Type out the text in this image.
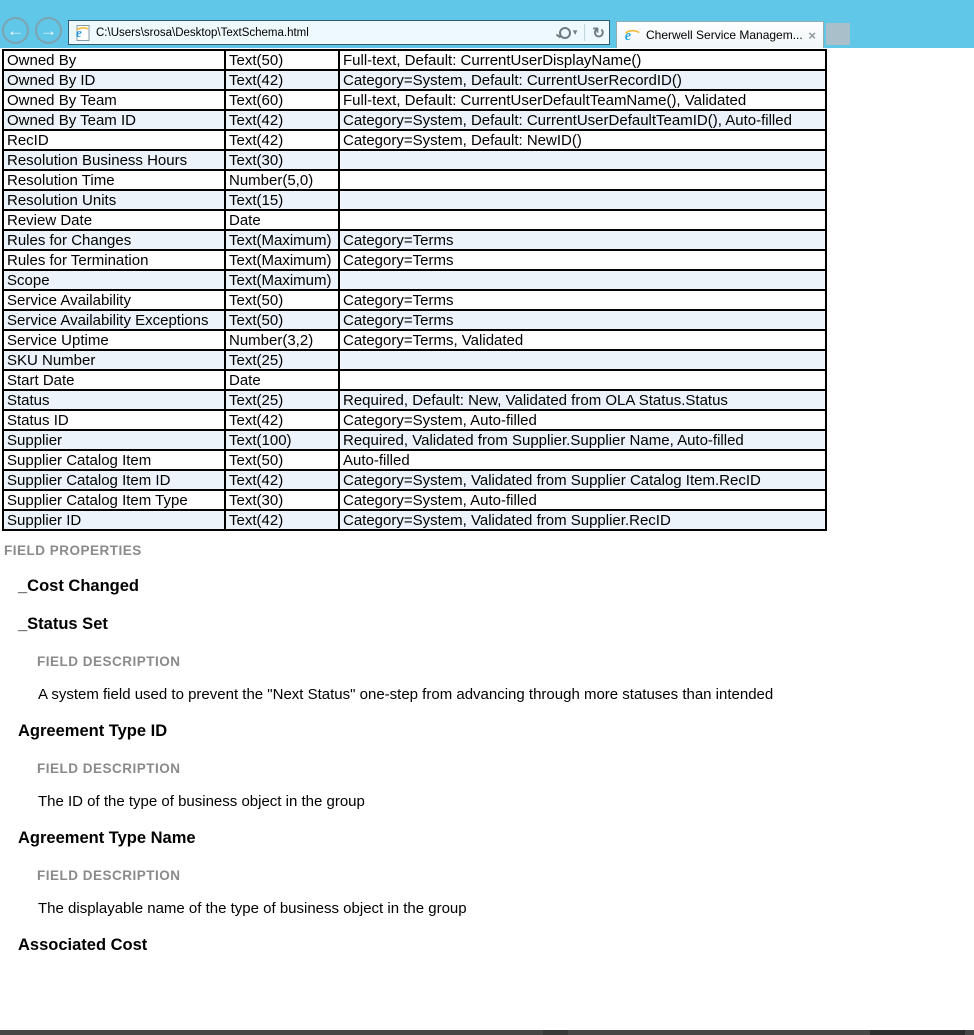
← → e C:\Users\srosa\Desktop\TextSchema.html	▾ ↻ e Cherwell Service Managem... ×
Owned By	Text(50)	Full-text, Default: CurrentUserDisplayName()
Owned By ID	Text(42)	Category=System, Default: CurrentUserRecordID()
Owned By Team	Text(60)	Full-text, Default: CurrentUserDefaultTeamName(), Validated
Owned By Team ID	Text(42)	Category=System, Default: CurrentUserDefaultTeamID(), Auto-filled
RecID	Text(42)	Category=System, Default: NewID()
Resolution Business Hours	Text(30)	
Resolution Time	Number(5,0)	
Resolution Units	Text(15)	
Review Date	Date	
Rules for Changes	Text(Maximum)	Category=Terms
Rules for Termination	Text(Maximum)	Category=Terms
Scope	Text(Maximum)	
Service Availability	Text(50)	Category=Terms
Service Availability Exceptions	Text(50)	Category=Terms
Service Uptime	Number(3,2)	Category=Terms, Validated
SKU Number	Text(25)	
Start Date	Date	
Status	Text(25)	Required, Default: New, Validated from OLA Status.Status
Status ID	Text(42)	Category=System, Auto-filled
Supplier	Text(100)	Required, Validated from Supplier.Supplier Name, Auto-filled
Supplier Catalog Item	Text(50)	Auto-filled
Supplier Catalog Item ID	Text(42)	Category=System, Validated from Supplier Catalog Item.RecID
Supplier Catalog Item Type	Text(30)	Category=System, Auto-filled
Supplier ID	Text(42)	Category=System, Validated from Supplier.RecID
FIELD PROPERTIES
_Cost Changed
_Status Set
FIELD DESCRIPTION
A system field used to prevent the "Next Status" one-step from advancing through more statuses than intended
Agreement Type ID
FIELD DESCRIPTION
The ID of the type of business object in the group
Agreement Type Name
FIELD DESCRIPTION
The displayable name of the type of business object in the group
Associated Cost
